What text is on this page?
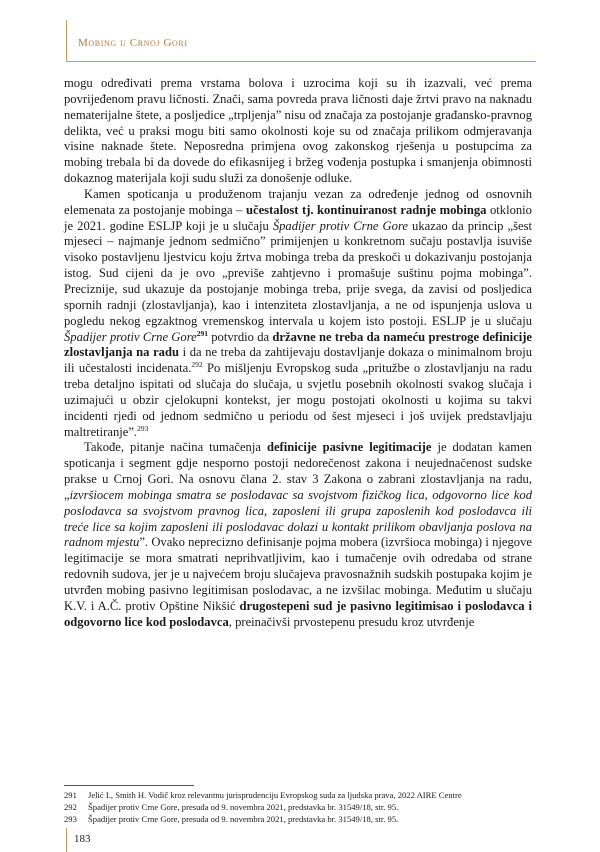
Mobing u Crnoj Gori

mogu određivati prema vrstama bolova i uzrocima koji su ih izazvali, već prema povrijeđenom pravu ličnosti. Znači, sama povreda prava ličnosti daje žrtvi pravo na naknadu nematerijalne štete, a posljedice „trpljenja” nisu od značaja za postojanje građansko-pravnog delikta, već u praksi mogu biti samo okolnosti koje su od značaja prilikom odmjeravanja visine naknade štete. Neposredna primjena ovog zakonskog rješenja u postupcima za mobing trebala bi da dovede do efikasnijeg i bržeg vođenja postupka i smanjenja obimnosti dokaznog materijala koji sudu služi za donošenje odluke.

Kamen spoticanja u produženom trajanju vezan za određenje jednog od osnovnih elemenata za postojanje mobinga – učestalost tj. kontinuiranost radnje mobinga otklonio je 2021. godine ESLJP koji je u slučaju Špadijer protiv Crne Gore ukazao da princip „šest mjeseci – najmanje jednom sedmično” primijenjen u konkretnom sučaju postavlja isuviše visoko postavljenu ljestvicu koju žrtva mobinga treba da preskoči u dokazivanju postojanja istog. Sud cijeni da je ovo „previše zahtjevno i promašuje suštinu pojma mobinga”. Preciznije, sud ukazuje da postojanje mobinga treba, prije svega, da zavisi od posljedica spornih radnji (zlostavljanja), kao i intenziteta zlostavljanja, a ne od ispunjenja uslova u pogledu nekog egzaktnog vremenskog intervala u kojem isto postoji. ESLJP je u slučaju Špadijer protiv Crne Gore$^{291}$ potvrdio da državne ne treba da nameću prestroge definicije zlostavljanja na radu i da ne treba da zahtijevaju dostavljanje dokaza o minimalnom broju ili učestalosti incidenata.$^{292}$ Po mišljenju Evropskog suda „pritužbe o zlostavljanju na radu treba detaljno ispitati od slučaja do slučaja, u svjetlu posebnih okolnosti svakog slučaja i uzimajući u obzir cjelokupni kontekst, jer mogu postojati okolnosti u kojima su takvi incidenti rjeđi od jednom sedmično u periodu od šest mjeseci i još uvijek predstavljaju maltretiranje”.$^{293}$

Takođe, pitanje načina tumačenja definicije pasivne legitimacije je dodatan kamen spoticanja i segment gdje nesporno postoji nedorečenost zakona i neujednačenost sudske prakse u Crnoj Gori. Na osnovu člana 2. stav 3 Zakona o zabrani zlostavljanja na radu, „izvršiocem mobinga smatra se poslodavac sa svojstvom fizičkog lica, odgovorno lice kod poslodavca sa svojstvom pravnog lica, zaposleni ili grupa zaposlenih kod poslodavca ili treće lice sa kojim zaposleni ili poslodavac dolazi u kontakt prilikom obavljanja poslova na radnom mjestu”. Ovako neprecizno definisanje pojma mobera (izvršioca mobinga) i njegove legitimacije se mora smatrati neprihvatljivim, kao i tumačenje ovih odredaba od strane redovnih sudova, jer je u najvećem broju slučajeva pravosnažnih sudskih postupaka kojim je utvrđen mobing pasivno legitimisan poslodavac, a ne izvšilac mobinga. Međutim u slučaju K.V. i A.Č. protiv Opštine Nikšić drugostepeni sud je pasivno legitimisao i poslodavca i odgovorno lice kod poslodavca, preinačivši prvostepenu presudu kroz utvrđenje

291	Jelić I., Smith H. Vodič kroz relevantnu jurisprudenciju Evropskog suda za ljudska prava, 2022 AIRE Centre
292	Špadijer protiv Crne Gore, presuda od 9. novembra 2021, predstavka br. 31549/18, str. 95.
293	Špadijer protiv Crne Gore, presuda od 9. novembra 2021, predstavka br. 31549/18, str. 95.
183
